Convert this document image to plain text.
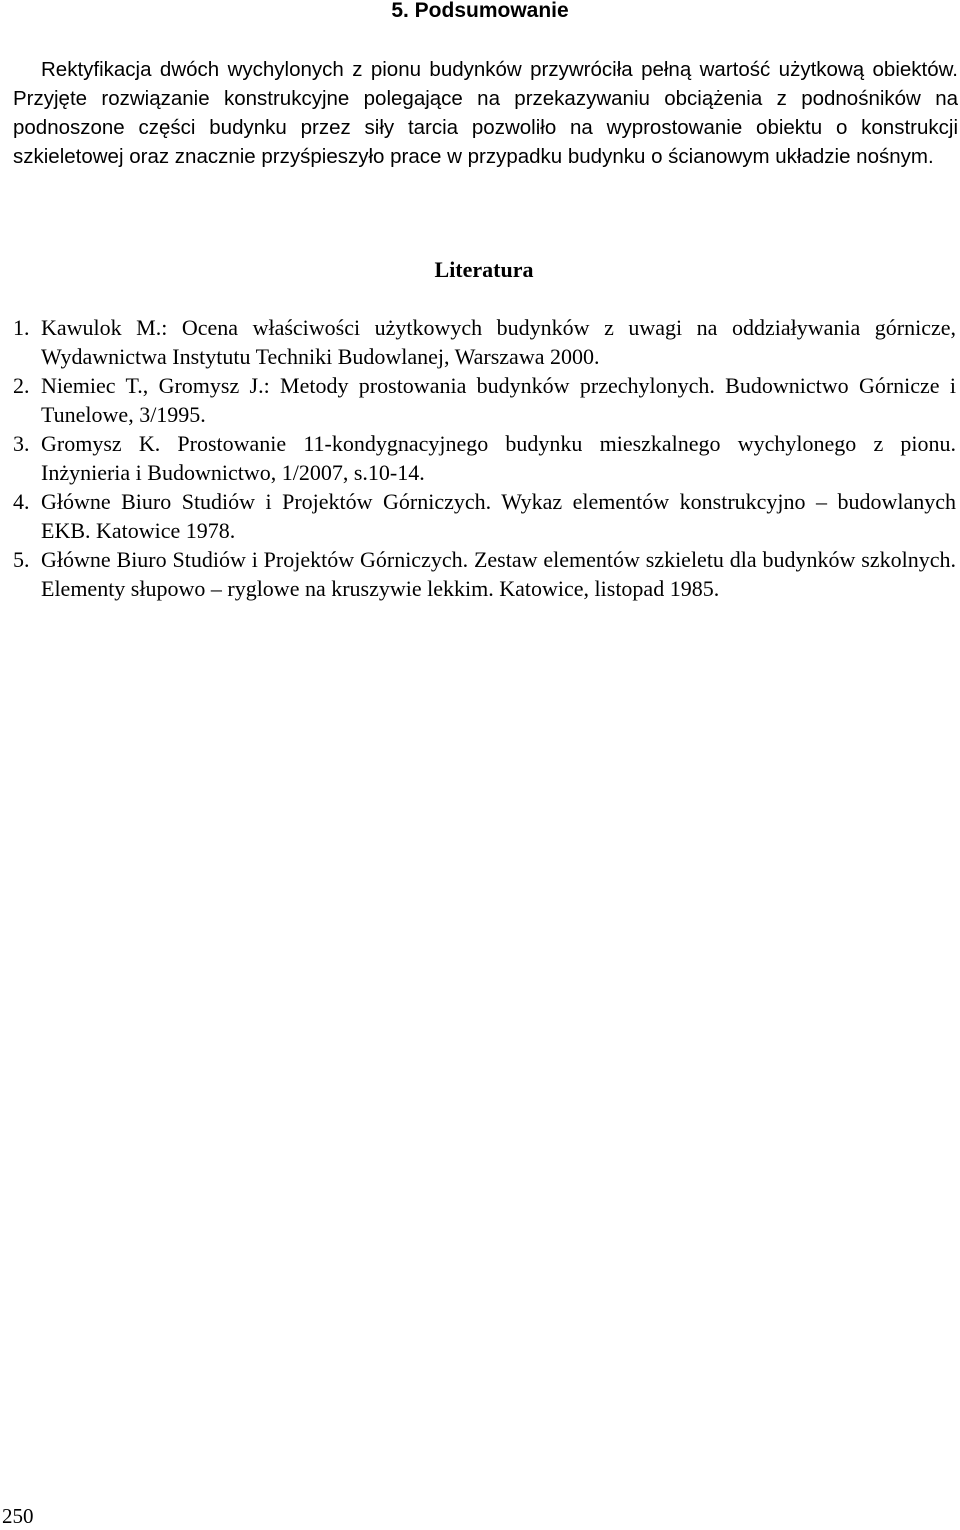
5. Podsumowanie

Rektyfikacja dwóch wychylonych z pionu budynków przywróciła pełną wartość użytkową obiektów. Przyjęte rozwiązanie konstrukcyjne polegające na przekazywaniu obciążenia z podnośników na podnoszone części budynku przez siły tarcia pozwoliło na wyprostowanie obiektu o konstrukcji szkieletowej oraz znacznie przyśpieszyło prace w przypadku budynku o ścianowym układzie nośnym.

Literatura
1. Kawulok M.: Ocena właściwości użytkowych budynków z uwagi na oddziaływania górnicze, Wydawnictwa Instytutu Techniki Budowlanej, Warszawa 2000.
2. Niemiec T., Gromysz J.: Metody prostowania budynków przechylonych. Budownictwo Górnicze i Tunelowe, 3/1995.
3. Gromysz K. Prostowanie 11-kondygnacyjnego budynku mieszkalnego wychylonego z pionu. Inżynieria i Budownictwo, 1/2007, s.10-14.
4. Główne Biuro Studiów i Projektów Górniczych. Wykaz elementów konstrukcyjno – budowlanych EKB. Katowice 1978.
5. Główne Biuro Studiów i Projektów Górniczych. Zestaw elementów szkieletu dla budynków szkolnych. Elementy słupowo – ryglowe na kruszywie lekkim. Katowice, listopad 1985.
250
